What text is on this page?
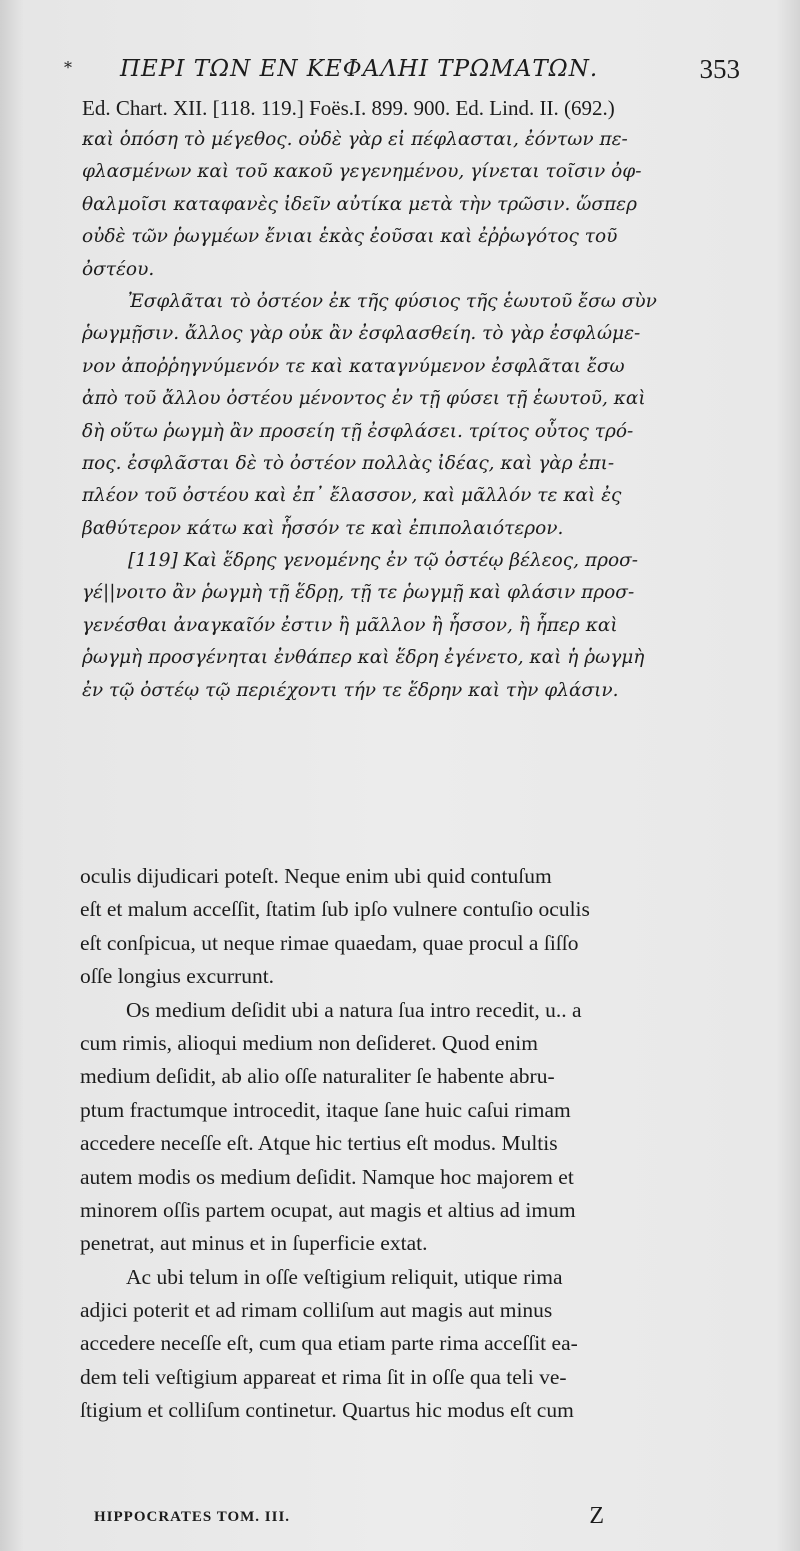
* ΠΕΡΙ ΤΩΝ ΕΝ ΚΕΦΑΛΗΙ ΤΡΩΜΑΤΩΝ.	353
Ed. Chart. XII. [118. 119.] Foës.I. 899. 900. Ed. Lind. II. (692.)
καὶ ὁπόση τὸ μέγεθος. οὐδὲ γὰρ εἰ πέφλασται, ἐόντων πε-
φλασμένων καὶ τοῦ κακοῦ γεγενημένου, γίνεται τοῖσιν ὀφ-
θαλμοῖσι καταφανὲς ἰδεῖν αὐτίκα μετὰ τὴν τρῶσιν. ὥσπερ
οὐδὲ τῶν ῥωγμέων ἔνιαι ἑκὰς ἐοῦσαι καὶ ἐῤῥωγότος τοῦ
ὀστέου.
Ἐσφλᾶται τὸ ὀστέον ἐκ τῆς φύσιος τῆς ἑωυτοῦ ἔσω σὺν
ῥωγμῇσιν. ἄλλος γὰρ οὐκ ἂν ἐσφλασθείη. τὸ γὰρ ἐσφλώμε-
νον ἀποῤῥηγνύμενόν τε καὶ καταγνύμενον ἐσφλᾶται ἔσω
ἀπὸ τοῦ ἄλλου ὀστέου μένοντος ἐν τῇ φύσει τῇ ἑωυτοῦ, καὶ
δὴ οὕτω ῥωγμὴ ἂν προσείη τῇ ἐσφλάσει. τρίτος οὗτος τρό-
πος. ἐσφλᾶσται δὲ τὸ ὀστέον πολλὰς ἰδέας, καὶ γὰρ ἐπι-
πλέον τοῦ ὀστέου καὶ ἐπ᾽ ἔλασσον, καὶ μᾶλλόν τε καὶ ἐς
βαθύτερον κάτω καὶ ἧσσόν τε καὶ ἐπιπολαιότερον.
[119] Καὶ ἕδρης γενομένης ἐν τῷ ὀστέῳ βέλεος, προσ-
γέ||νοιτο ἂν ῥωγμὴ τῇ ἕδρῃ, τῇ τε ῥωγμῇ καὶ φλάσιν προσ-
γενέσθαι ἀναγκαῖόν ἐστιν ἢ μᾶλλον ἢ ἧσσον, ἢ ἧπερ καὶ
ῥωγμὴ προσγένηται ἐνθάπερ καὶ ἕδρη ἐγένετο, καὶ ἡ ῥωγμὴ
ἐν τῷ ὀστέῳ τῷ περιέχοντι τήν τε ἕδρην καὶ τὴν φλάσιν.
oculis dijudicari poteſt. Neque enim ubi quid contuſum
eſt et malum acceſſit, ſtatim ſub ipſo vulnere contuſio oculis
eſt conſpicua, ut neque rimae quaedam, quae procul a ſiſſo
oſſe longius excurrunt.
Os medium deſidit ubi a natura ſua intro recedit, u.. a
cum rimis, alioqui medium non deſideret. Quod enim
medium deſidit, ab alio oſſe naturaliter ſe habente abru-
ptum fractumque introcedit, itaque ſane huic caſui rimam
accedere neceſſe eſt. Atque hic tertius eſt modus. Multis
autem modis os medium deſidit. Namque hoc majorem et
minorem oſſis partem ocupat, aut magis et altius ad imum
penetrat, aut minus et in ſuperficie extat.
Ac ubi telum in oſſe veſtigium reliquit, utique rima
adjici poterit et ad rimam colliſum aut magis aut minus
accedere neceſſe eſt, cum qua etiam parte rima acceſſit ea-
dem teli veſtigium appareat et rima ſit in oſſe qua teli ve-
ſtigium et colliſum continetur. Quartus hic modus eſt cum
HIPPOCRATES TOM. III.	Z
